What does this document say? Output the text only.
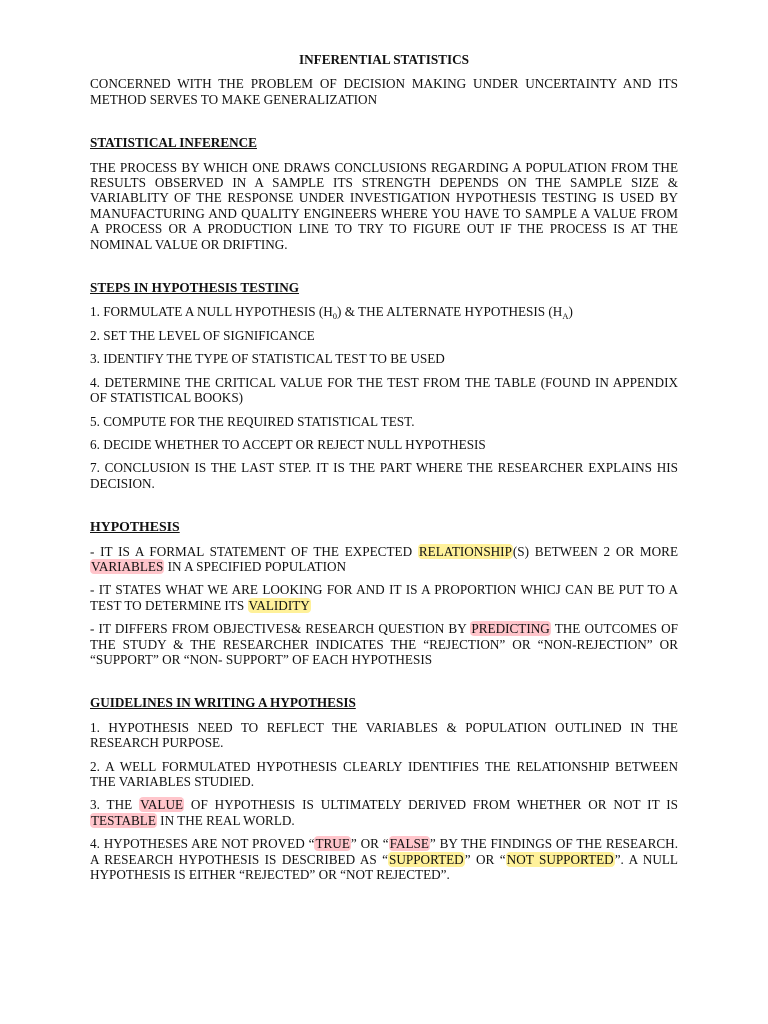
INFERENTIAL STATISTICS

CONCERNED WITH THE PROBLEM OF DECISION MAKING UNDER UNCERTAINTY AND ITS METHOD SERVES TO MAKE GENERALIZATION

STATISTICAL INFERENCE

THE PROCESS BY WHICH ONE DRAWS CONCLUSIONS REGARDING A POPULATION FROM THE RESULTS OBSERVED IN A SAMPLE ITS STRENGTH DEPENDS ON THE SAMPLE SIZE & VARIABLITY OF THE RESPONSE UNDER INVESTIGATION HYPOTHESIS TESTING IS USED BY MANUFACTURING AND QUALITY ENGINEERS WHERE YOU HAVE TO SAMPLE A VALUE FROM A PROCESS OR A PRODUCTION LINE TO TRY TO FIGURE OUT IF THE PROCESS IS AT THE NOMINAL VALUE OR DRIFTING.

STEPS IN HYPOTHESIS TESTING

1. FORMULATE A NULL HYPOTHESIS $(H_0)$ & THE ALTERNATE HYPOTHESIS $(H_A)$

2. SET THE LEVEL OF SIGNIFICANCE

3. IDENTIFY THE TYPE OF STATISTICAL TEST TO BE USED

4. DETERMINE THE CRITICAL VALUE FOR THE TEST FROM THE TABLE (FOUND IN APPENDIX OF STATISTICAL BOOKS)

5. COMPUTE FOR THE REQUIRED STATISTICAL TEST.

6. DECIDE WHETHER TO ACCEPT OR REJECT NULL HYPOTHESIS

7. CONCLUSION IS THE LAST STEP. IT IS THE PART WHERE THE RESEARCHER EXPLAINS HIS DECISION.

HYPOTHESIS

- IT IS A FORMAL STATEMENT OF THE EXPECTED RELATIONSHIP(S) BETWEEN 2 OR MORE VARIABLES IN A SPECIFIED POPULATION

- IT STATES WHAT WE ARE LOOKING FOR AND IT IS A PROPORTION WHICJ CAN BE PUT TO A TEST TO DETERMINE ITS VALIDITY

- IT DIFFERS FROM OBJECTIVES& RESEARCH QUESTION BY PREDICTING THE OUTCOMES OF THE STUDY & THE RESEARCHER INDICATES THE “REJECTION” OR “NON-REJECTION” OR “SUPPORT” OR “NON- SUPPORT” OF EACH HYPOTHESIS

GUIDELINES IN WRITING A HYPOTHESIS

1. HYPOTHESIS NEED TO REFLECT THE VARIABLES & POPULATION OUTLINED IN THE RESEARCH PURPOSE.

2. A WELL FORMULATED HYPOTHESIS CLEARLY IDENTIFIES THE RELATIONSHIP BETWEEN THE VARIABLES STUDIED.

3. THE VALUE OF HYPOTHESIS IS ULTIMATELY DERIVED FROM WHETHER OR NOT IT IS TESTABLE IN THE REAL WORLD.

4. HYPOTHESES ARE NOT PROVED “TRUE” OR “FALSE” BY THE FINDINGS OF THE RESEARCH. A RESEARCH HYPOTHESIS IS DESCRIBED AS “SUPPORTED” OR “NOT SUPPORTED”. A NULL HYPOTHESIS IS EITHER “REJECTED” OR “NOT REJECTED”.
